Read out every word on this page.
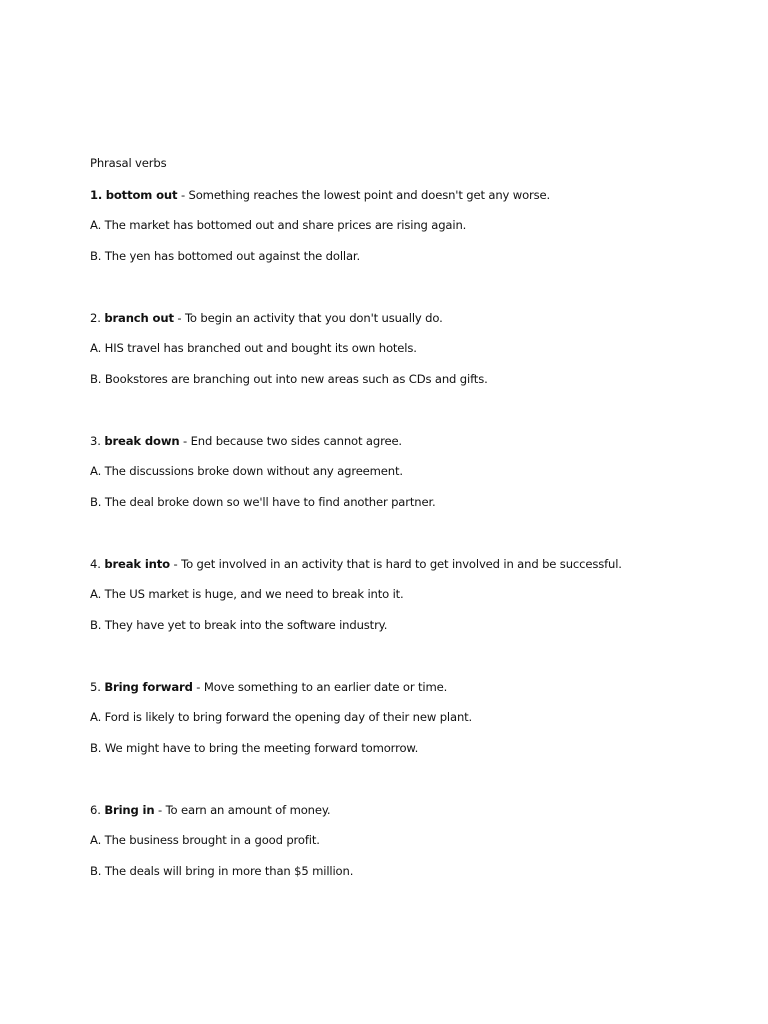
Phrasal verbs
1. bottom out - Something reaches the lowest point and doesn't get any worse.
A. The market has bottomed out and share prices are rising again.
B. The yen has bottomed out against the dollar.
2. branch out - To begin an activity that you don't usually do.
A. HIS travel has branched out and bought its own hotels.
B. Bookstores are branching out into new areas such as CDs and gifts.
3. break down - End because two sides cannot agree.
A. The discussions broke down without any agreement.
B. The deal broke down so we'll have to find another partner.
4. break into - To get involved in an activity that is hard to get involved in and be successful.
A. The US market is huge, and we need to break into it.
B. They have yet to break into the software industry.
5. Bring forward - Move something to an earlier date or time.
A. Ford is likely to bring forward the opening day of their new plant.
B. We might have to bring the meeting forward tomorrow.
6. Bring in - To earn an amount of money.
A. The business brought in a good profit.
B. The deals will bring in more than $5 million.
